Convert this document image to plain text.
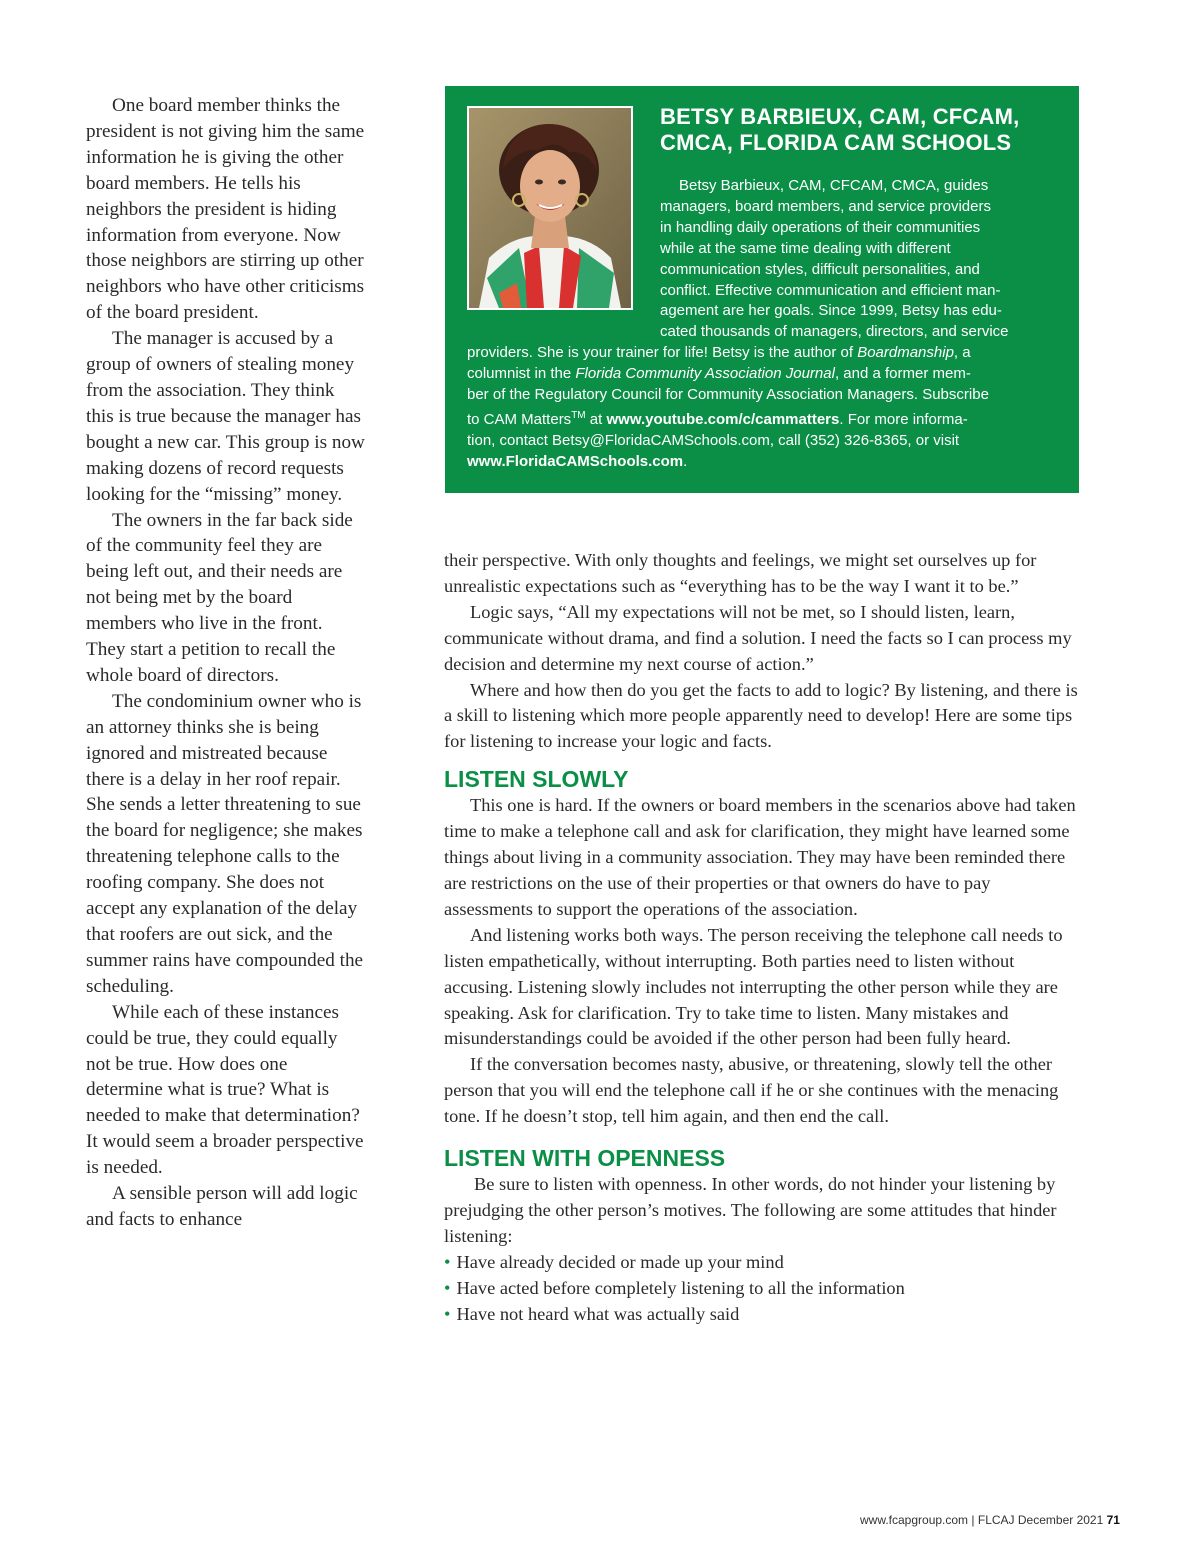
One board member thinks the president is not giving him the same information he is giving the other board members. He tells his neighbors the president is hiding information from everyone. Now those neighbors are stirring up other neighbors who have other criticisms of the board president.

The manager is accused by a group of owners of stealing money from the association. They think this is true because the manager has bought a new car. This group is now making dozens of record requests looking for the “missing” money.

The owners in the far back side of the community feel they are being left out, and their needs are not being met by the board members who live in the front. They start a petition to recall the whole board of directors.

The condominium owner who is an attorney thinks she is being ignored and mistreated because there is a delay in her roof repair. She sends a letter threatening to sue the board for negligence; she makes threatening telephone calls to the roofing company. She does not accept any explanation of the delay that roofers are out sick, and the summer rains have compounded the scheduling.

While each of these instances could be true, they could equally not be true. How does one determine what is true? What is needed to make that determination? It would seem a broader perspective is needed.

A sensible person will add logic and facts to enhance

BETSY BARBIEUX, CAM, CFCAM,
CMCA, FLORIDA CAM SCHOOLS
Betsy Barbieux, CAM, CFCAM, CMCA, guides
managers, board members, and service providers
in handling daily operations of their communities
while at the same time dealing with different
communication styles, difficult personalities, and
conflict. Effective communication and efficient man-
agement are her goals. Since 1999, Betsy has edu-
cated thousands of managers, directors, and service
providers. She is your trainer for life! Betsy is the author of Boardmanship, a
columnist in the Florida Community Association Journal, and a former mem-
ber of the Regulatory Council for Community Association Managers. Subscribe
to CAM Matters™ at www.youtube.com/c/cammatters. For more informa-
tion, contact Betsy@FloridaCAMSchools.com, call (352) 326-8365, or visit
www.FloridaCAMSchools.com.

their perspective. With only thoughts and feelings, we might set ourselves up for unrealistic expectations such as “everything has to be the way I want it to be.”

Logic says, “All my expectations will not be met, so I should listen, learn, communicate without drama, and find a solution. I need the facts so I can process my decision and determine my next course of action.”

Where and how then do you get the facts to add to logic? By listening, and there is a skill to listening which more people apparently need to develop! Here are some tips for listening to increase your logic and facts.

LISTEN SLOWLY

This one is hard. If the owners or board members in the scenarios above had taken time to make a telephone call and ask for clarification, they might have learned some things about living in a community association. They may have been reminded there are restrictions on the use of their properties or that owners do have to pay assessments to support the operations of the association.

And listening works both ways. The person receiving the telephone call needs to listen empathetically, without interrupting. Both parties need to listen without accusing. Listening slowly includes not interrupting the other person while they are speaking. Ask for clarification. Try to take time to listen. Many mistakes and misunderstandings could be avoided if the other person had been fully heard.

If the conversation becomes nasty, abusive, or threatening, slowly tell the other person that you will end the telephone call if he or she continues with the menacing tone. If he doesn’t stop, tell him again, and then end the call.

LISTEN WITH OPENNESS

Be sure to listen with openness. In other words, do not hinder your listening by prejudging the other person’s motives. The following are some attitudes that hinder listening:

• Have already decided or made up your mind
• Have acted before completely listening to all the information
• Have not heard what was actually said
www.fcapgroup.com | FLCAJ December 2021 71
